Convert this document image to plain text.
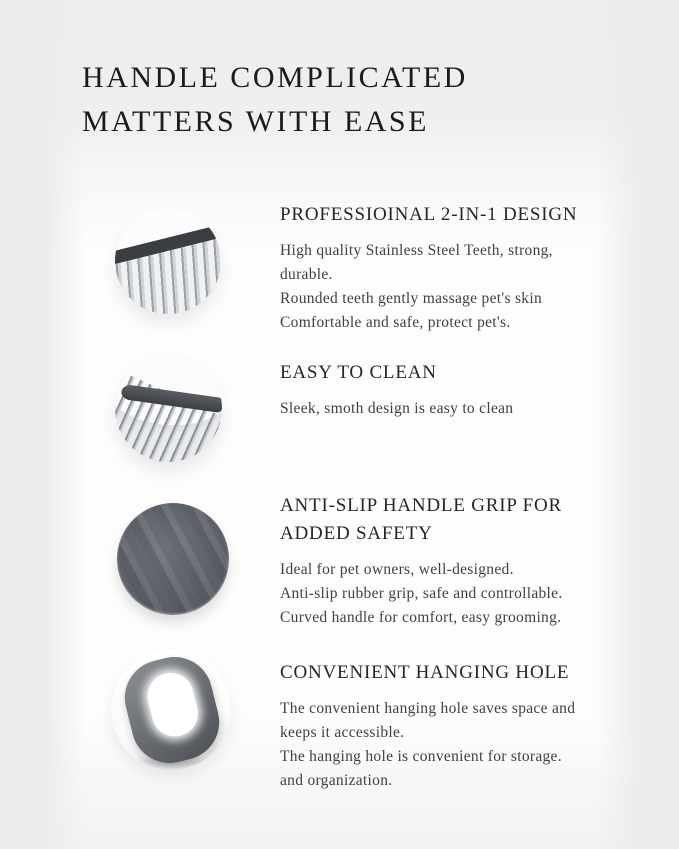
HANDLE COMPLICATED
MATTERS WITH EASE
PROFESSIOINAL 2-IN-1 DESIGN
High quality Stainless Steel Teeth, strong,
durable.
Rounded teeth gently massage pet's skin
Comfortable and safe, protect pet's.
EASY TO CLEAN
Sleek, smoth design is easy to clean
ANTI-SLIP HANDLE GRIP FOR ADDED SAFETY
Ideal for pet owners, well-designed.
Anti-slip rubber grip, safe and controllable.
Curved handle for comfort, easy grooming.
CONVENIENT HANGING HOLE
The convenient hanging hole saves space and
keeps it accessible.
The hanging hole is convenient for storage.
and organization.
